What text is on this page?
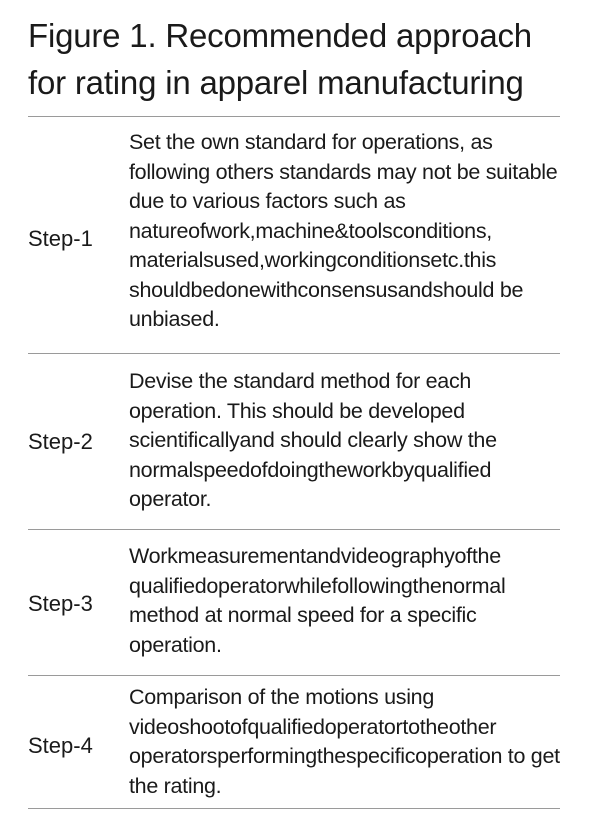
Figure 1. Recommended approach
for rating in apparel manufacturing
Step-1
Set the own standard for operations, as following others standards may not be suitable due to various factors such as natureofwork,machine&toolsconditions, materialsused,workingconditionsetc.this shouldbedonewithconsensusandshould be unbiased.
Step-2
Devise the standard method for each operation. This should be developed scientificallyand should clearly show the normalspeedofdoingtheworkbyqualified operator.
Step-3
Workmeasurementandvideographyofthe qualifiedoperatorwhilefollowingthenormal method at normal speed for a specific operation.
Step-4
Comparison of the motions using videoshootofqualifiedoperatortotheother operatorsperformingthespecificoperation to get the rating.
